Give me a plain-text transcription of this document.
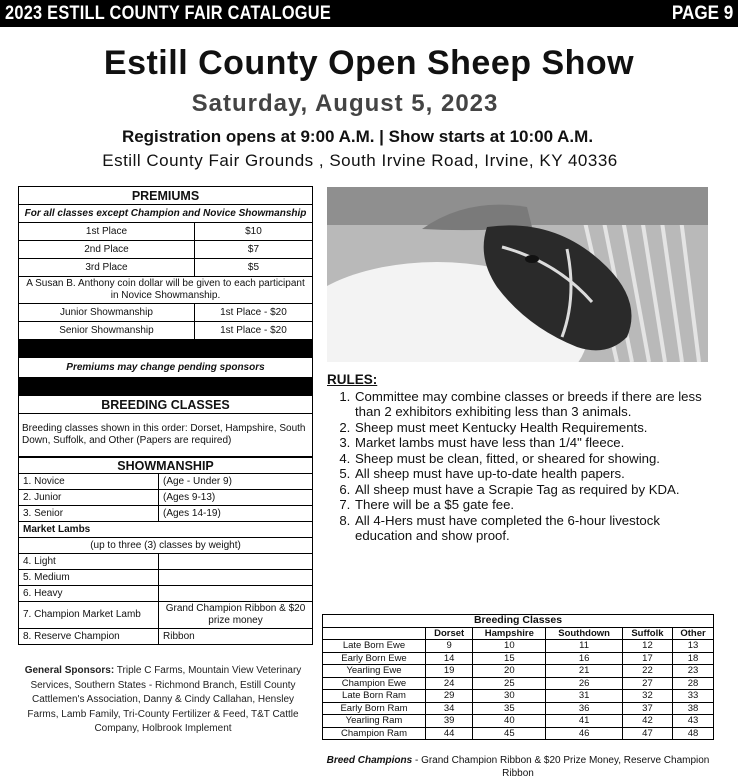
2023 ESTILL COUNTY FAIR CATALOGUE	PAGE 9
Estill County Open Sheep Show
Saturday, August 5, 2023
Registration opens at 9:00 A.M. | Show starts at 10:00 A.M.
Estill County Fair Grounds , South Irvine Road, Irvine, KY 40336
PREMIUMS	
For all classes except Champion and Novice Showmanship	
1st Place	$10
2nd Place	$7
3rd Place	$5
A Susan B. Anthony coin dollar will be given to each participant in Novice Showmanship.	
Junior Showmanship	1st Place - $20
Senior Showmanship	1st Place - $20

Premiums may change pending sponsors	

BREEDING CLASSES	
Breeding classes shown in this order: Dorset, Hampshire, South Down, Suffolk, and Other (Papers are required)	
SHOWMANSHIP	
1. Novice	(Age - Under 9)
2. Junior	(Ages 9-13)
3. Senior	(Ages 14-19)
Market Lambs	
(up to three (3) classes by weight)	
4. Light	
5. Medium	
6. Heavy	
7. Champion Market Lamb	Grand Champion Ribbon & $20 prize money
8. Reserve Champion	Ribbon
General Sponsors: Triple C Farms, Mountain View Veterinary Services, Southern States - Richmond Branch, Estill County Cattlemen's Association, Danny & Cindy Callahan, Hensley Farms, Lamb Family, Tri-County Fertilizer & Feed, T&T Cattle Company, Holbrook Implement
RULES:
1. Committee may combine classes or breeds if there are less than 2 exhibitors exhibiting less than 3 animals.
2. Sheep must meet Kentucky Health Requirements.
3. Market lambs must have less than 1/4" fleece.
4. Sheep must be clean, fitted, or sheared for showing.
5. All sheep must have up-to-date health papers.
6. All sheep must have a Scrapie Tag as required by KDA.
7. There will be a $5 gate fee.
8. All 4-Hers must have completed the 6-hour livestock education and show proof.
Breeding Classes					
	Dorset	Hampshire	Southdown	Suffolk	Other
Late Born Ewe	9	10	11	12	13
Early Born Ewe	14	15	16	17	18
Yearling Ewe	19	20	21	22	23
Champion Ewe	24	25	26	27	28
Late Born Ram	29	30	31	32	33
Early Born Ram	34	35	36	37	38
Yearling Ram	39	40	41	42	43
Champion Ram	44	45	46	47	48
Breed Champions - Grand Champion Ribbon & $20 Prize Money, Reserve Champion Ribbon
